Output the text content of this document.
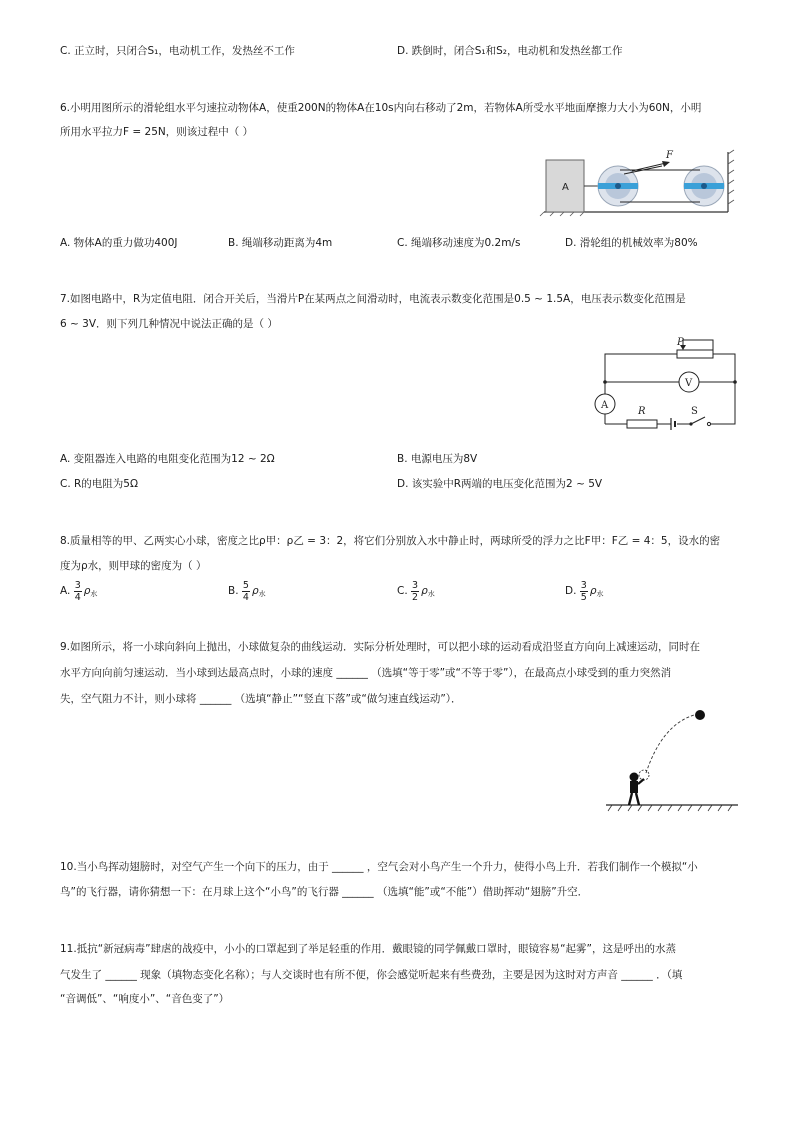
C. 正立时，只闭合S₁，电动机工作，发热丝不工作	D. 跌倒时，闭合S₁和S₂，电动机和发热丝都工作
6.小明用图所示的滑轮组水平匀速拉动物体A，使重200N的物体A在10s内向右移动了2m，若物体A所受水平地面摩擦力大小为60N，小明
所用水平拉力F = 25N，则该过程中（ ）
A
F
A. 物体A的重力做功400J	B. 绳端移动距离为4m	C. 绳端移动速度为0.2m/s	D. 滑轮组的机械效率为80%
7.如图电路中，R为定值电阻．闭合开关后，当滑片P在某两点之间滑动时，电流表示数变化范围是0.5 ~ 1.5A，电压表示数变化范围是
6 ~ 3V．则下列几种情况中说法正确的是（ ）
V
A
P
R	S
A. 变阻器连入电路的电阻变化范围为12 ~ 2Ω	B. 电源电压为8V
C. R的电阻为5Ω	D. 该实验中R两端的电压变化范围为2 ~ 5V
8.质量相等的甲、乙两实心小球，密度之比ρ甲：ρ乙 = 3：2，将它们分别放入水中静止时，两球所受的浮力之比F甲：F乙 = 4：5，设水的密
度为ρ水，则甲球的密度为（ ）
A. $\frac{3}{4} \rho_水$	B. $\frac{5}{4} \rho_水$	C. $\frac{3}{2} \rho_水$	D. $\frac{3}{5} \rho_水$
9.如图所示，将一小球向斜向上抛出，小球做复杂的曲线运动．实际分析处理时，可以把小球的运动看成沿竖直方向向上减速运动，同时在
水平方向向前匀速运动．当小球到达最高点时，小球的速度 ______ （选填“等于零”或“不等于零”），在最高点小球受到的重力突然消
失，空气阻力不计，则小球将 ______ （选填“静止”“竖直下落”或“做匀速直线运动”）．
10.当小鸟挥动翅膀时，对空气产生一个向下的压力，由于 ______ ，空气会对小鸟产生一个升力，使得小鸟上升．若我们制作一个模拟“小
鸟”的飞行器，请你猜想一下：在月球上这个“小鸟”的飞行器 ______ （选填“能”或“不能”）借助挥动“翅膀”升空．
11.抵抗“新冠病毒”肆虐的战疫中，小小的口罩起到了举足轻重的作用．戴眼镜的同学佩戴口罩时，眼镜容易“起雾”，这是呼出的水蒸
气发生了 ______ 现象（填物态变化名称）；与人交谈时也有所不便，你会感觉听起来有些费劲，主要是因为这时对方声音 ______ ．（填
“音调低”、“响度小”、“音色变了”）
